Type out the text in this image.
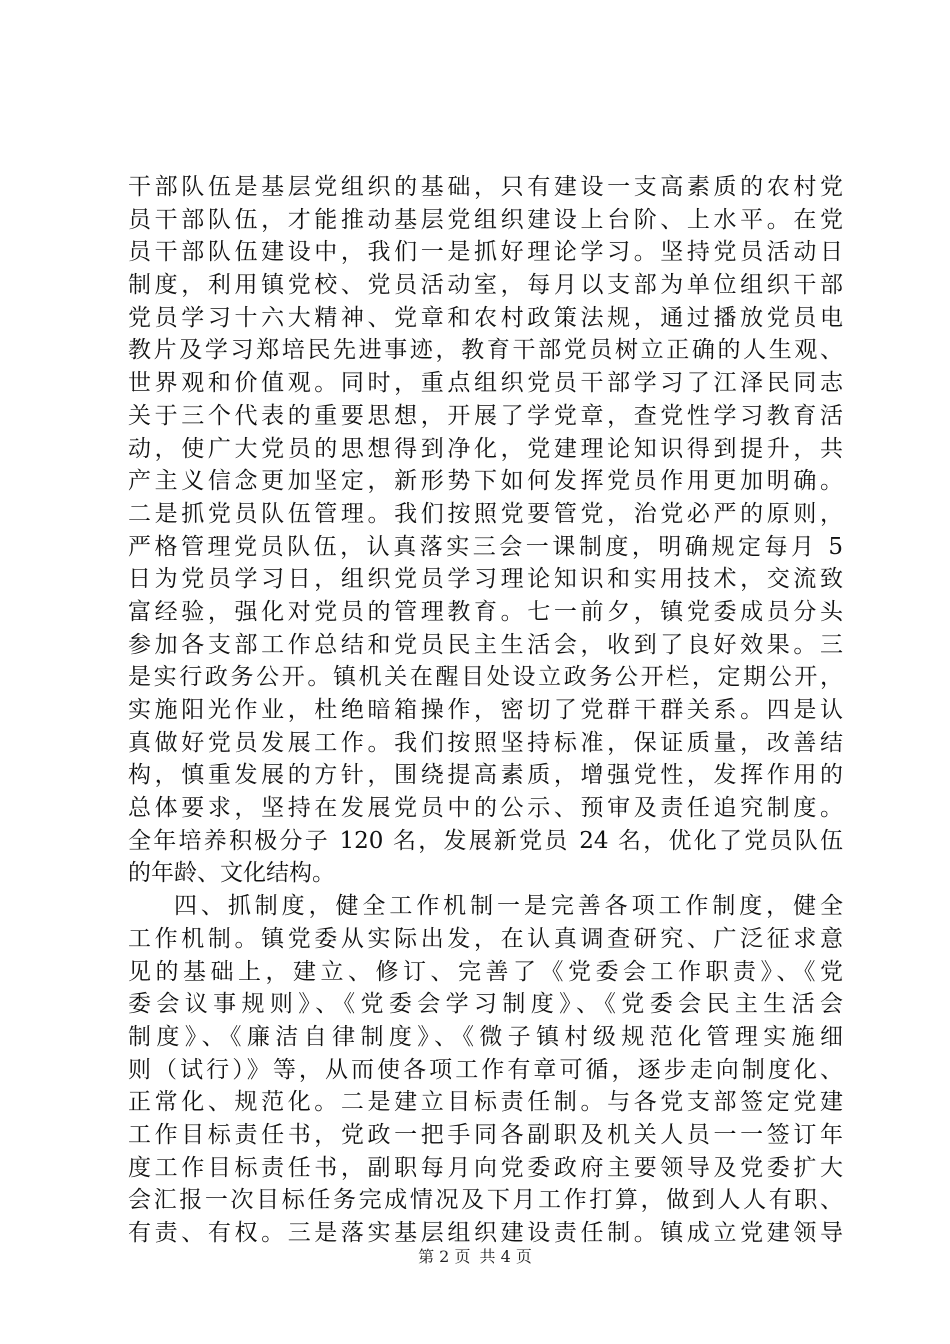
干部队伍是基层党组织的基础，只有建设一支高素质的农村党
员干部队伍，才能推动基层党组织建设上台阶、上水平。在党
员干部队伍建设中，我们一是抓好理论学习。坚持党员活动日
制度，利用镇党校、党员活动室，每月以支部为单位组织干部
党员学习十六大精神、党章和农村政策法规，通过播放党员电
教片及学习郑培民先进事迹，教育干部党员树立正确的人生观、
世界观和价值观。同时，重点组织党员干部学习了江泽民同志
关于三个代表的重要思想，开展了学党章，查党性学习教育活
动，使广大党员的思想得到净化，党建理论知识得到提升，共
产主义信念更加坚定，新形势下如何发挥党员作用更加明确。
二是抓党员队伍管理。我们按照党要管党，治党必严的原则，
严格管理党员队伍，认真落实三会一课制度，明确规定每月 5
日为党员学习日，组织党员学习理论知识和实用技术，交流致
富经验，强化对党员的管理教育。七一前夕，镇党委成员分头
参加各支部工作总结和党员民主生活会，收到了良好效果。三
是实行政务公开。镇机关在醒目处设立政务公开栏，定期公开，
实施阳光作业，杜绝暗箱操作，密切了党群干群关系。四是认
真做好党员发展工作。我们按照坚持标准，保证质量，改善结
构，慎重发展的方针，围绕提高素质，增强党性，发挥作用的
总体要求，坚持在发展党员中的公示、预审及责任追究制度。
全年培养积极分子 120 名，发展新党员 24 名，优化了党员队伍
的年龄、文化结构。
四、抓制度，健全工作机制一是完善各项工作制度，健全
工作机制。镇党委从实际出发，在认真调查研究、广泛征求意
见的基础上，建立、修订、完善了《党委会工作职责》、《党
委会议事规则》、《党委会学习制度》、《党委会民主生活会
制度》、《廉洁自律制度》、《微子镇村级规范化管理实施细
则（试行）》等，从而使各项工作有章可循，逐步走向制度化、
正常化、规范化。二是建立目标责任制。与各党支部签定党建
工作目标责任书，党政一把手同各副职及机关人员一一签订年
度工作目标责任书，副职每月向党委政府主要领导及党委扩大
会汇报一次目标任务完成情况及下月工作打算，做到人人有职、
有责、有权。三是落实基层组织建设责任制。镇成立党建领导
第 2 页 共 4 页
